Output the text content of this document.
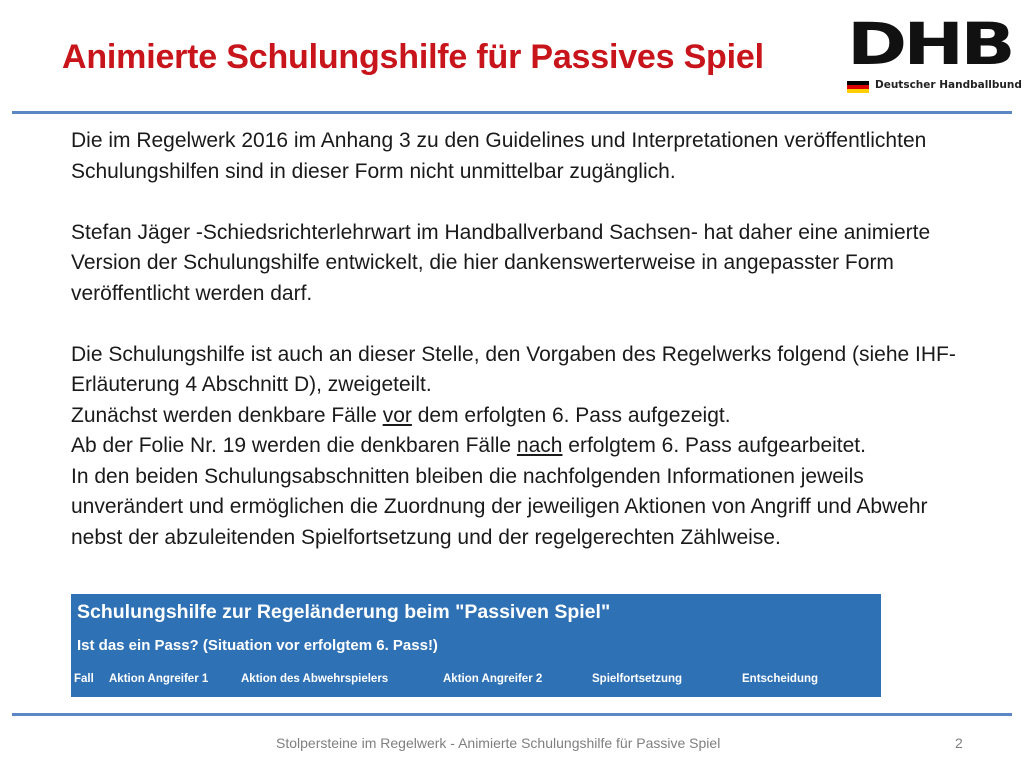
Animierte Schulungshilfe für Passives Spiel DHB
Deutscher Handballbund

Die im Regelwerk 2016 im Anhang 3 zu den Guidelines und Interpretationen veröffentlichten Schulungshilfen sind in dieser Form nicht unmittelbar zugänglich.

Stefan Jäger -Schiedsrichterlehrwart im Handballverband Sachsen- hat daher eine animierte Version der Schulungshilfe entwickelt, die hier dankenswerterweise in angepasster Form veröffentlicht werden darf.

Die Schulungshilfe ist auch an dieser Stelle, den Vorgaben des Regelwerks folgend (siehe IHF-Erläuterung 4 Abschnitt D), zweigeteilt.

Zunächst werden denkbare Fälle vor dem erfolgten 6. Pass aufgezeigt.

Ab der Folie Nr. 19 werden die denkbaren Fälle nach erfolgtem 6. Pass aufgearbeitet.

In den beiden Schulungsabschnitten bleiben die nachfolgenden Informationen jeweils unverändert und ermöglichen die Zuordnung der jeweiligen Aktionen von Angriff und Abwehr nebst der abzuleitenden Spielfortsetzung und der regelgerechten Zählweise.

Schulungshilfe zur Regeländerung beim "Passiven Spiel"
Ist das ein Pass? (Situation vor erfolgtem 6. Pass!)
Fall Aktion Angreifer 1	Aktion des Abwehrspielers	Aktion Angreifer 2	Spielfortsetzung	Entscheidung
Stolpersteine im Regelwerk - Animierte Schulungshilfe für Passive Spiel	2
